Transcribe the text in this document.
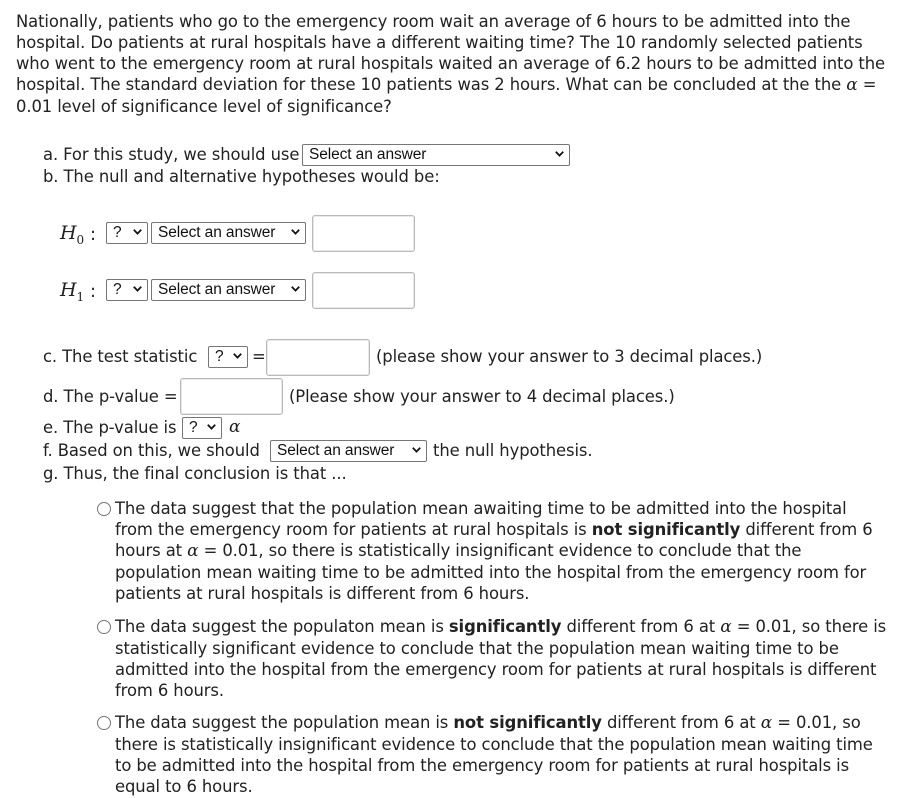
Nationally, patients who go to the emergency room wait an average of 6 hours to be admitted into the
hospital. Do patients at rural hospitals have a different waiting time? The 10 randomly selected patients
who went to the emergency room at rural hospitals waited an average of 6.2 hours to be admitted into the
hospital. The standard deviation for these 10 patients was 2 hours. What can be concluded at the the α =
0.01 level of significance level of significance?
a. For this study, we should use Select an answer
b. The null and alternative hypotheses would be:
$H_0$ :	?	Select an answer
$H_1$ :	?	Select an answer
c. The test statistic	?	=	(please show your answer to 3 decimal places.)
d. The p-value =	(Please show your answer to 4 decimal places.)
e. The p-value is ?	α
f. Based on this, we should	Select an answer	the null hypothesis.
g. Thus, the final conclusion is that ...
The data suggest that the population mean awaiting time to be admitted into the hospital
from the emergency room for patients at rural hospitals is not significantly different from 6
hours at α = 0.01, so there is statistically insignificant evidence to conclude that the
population mean waiting time to be admitted into the hospital from the emergency room for
patients at rural hospitals is different from 6 hours.
The data suggest the populaton mean is significantly different from 6 at α = 0.01, so there is
statistically significant evidence to conclude that the population mean waiting time to be
admitted into the hospital from the emergency room for patients at rural hospitals is different
from 6 hours.
The data suggest the population mean is not significantly different from 6 at α = 0.01, so
there is statistically insignificant evidence to conclude that the population mean waiting time
to be admitted into the hospital from the emergency room for patients at rural hospitals is
equal to 6 hours.
